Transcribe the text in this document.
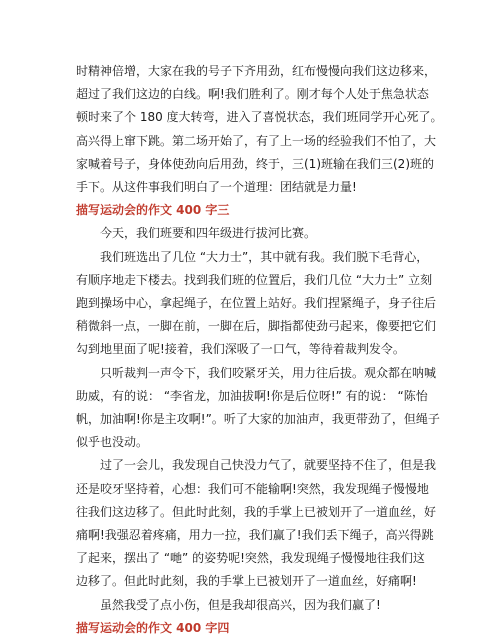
时精神倍增，大家在我的号子下齐用劲，红布慢慢向我们这边移来，
超过了我们这边的白线。啊!我们胜利了。刚才每个人处于焦急状态
顿时来了个 180 度大转弯，进入了喜悦状态，我们班同学开心死了。
高兴得上窜下跳。第二场开始了，有了上一场的经验我们不怕了，大
家喊着号子，身体使劲向后用劲，终于，三(1)班输在我们三(2)班的
手下。从这件事我们明白了一个道理：团结就是力量!
描写运动会的作文 400 字三
今天，我们班要和四年级进行拔河比赛。
我们班选出了几位 “大力士”，其中就有我。我们脱下毛背心，
有顺序地走下楼去。找到我们班的位置后，我们几位 “大力士” 立刻
跑到操场中心，拿起绳子，在位置上站好。我们捏紧绳子，身子往后
稍微斜一点，一脚在前，一脚在后，脚指都使劲弓起来，像要把它们
勾到地里面了呢!接着，我们深吸了一口气，等待着裁判发令。
只听裁判一声令下，我们咬紧牙关，用力往后拔。观众都在呐喊
助威，有的说： “李省龙，加油拔啊!你是后位呀!” 有的说： “陈怡
帆，加油啊!你是主攻啊!”。听了大家的加油声，我更带劲了，但绳子
似乎也没动。
过了一会儿，我发现自己快没力气了，就要坚持不住了，但是我
还是咬牙坚持着，心想：我们可不能输啊!突然，我发现绳子慢慢地
往我们这边移了。但此时此刻，我的手掌上已被划开了一道血丝，好
痛啊!我强忍着疼痛，用力一拉，我们赢了!我们丢下绳子，高兴得跳
了起来，摆出了 “哋” 的姿势呢!突然，我发现绳子慢慢地往我们这
边移了。但此时此刻，我的手掌上已被划开了一道血丝，好痛啊!
虽然我受了点小伤，但是我却很高兴，因为我们赢了!
描写运动会的作文 400 字四
